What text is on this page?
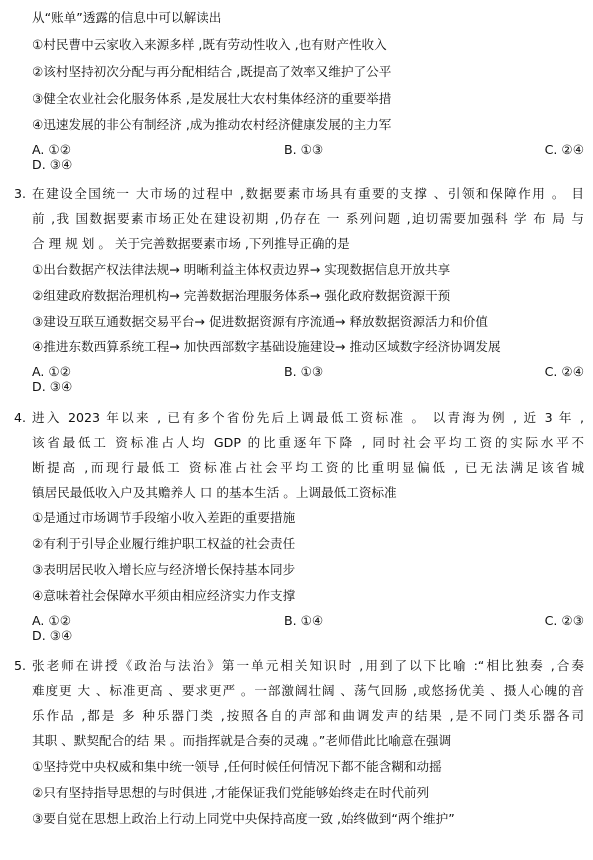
从“账单”透露的信息中可以解读出
①村民曹中云家收入来源多样 ,既有劳动性收入 ,也有财产性收入
②该村坚持初次分配与再分配相结合 ,既提高了效率又维护了公平
③健全农业社会化服务体系 ,是发展壮大农村集体经济的重要举措
④迅速发展的非公有制经济 ,成为推动农村经济健康发展的主力军
A. ①②	B. ①③	C. ②④
D. ③④
3. 在建设全国统一 大市场的过程中 ,数据要素市场具有重要的支撑 、引领和保障作用 。 目
前 ,我 国数据要素市场正处在建设初期 ,仍存在 一 系列问题 ,迫切需要加强科 学 布 局 与
合 理 规 划 。 关于完善数据要素市场 ,下列推导正确的是
①出台数据产权法律法规→ 明晰利益主体权责边界→ 实现数据信息开放共享
②组建政府数据治理机构→ 完善数据治理服务体系→ 强化政府数据资源干预
③建设互联互通数据交易平台→ 促进数据资源有序流通→ 释放数据资源活力和价值
④推进东数西算系统工程→ 加快西部数字基础设施建设→ 推动区域数字经济协调发展
A. ①②	B. ①③	C. ②④
D. ③④
4. 进入 2023 年以来 , 已有多个省份先后上调最低工资标准 。 以青海为例 , 近 3 年 ,
该省最低工 资标准占人均 GDP 的比重逐年下降 , 同时社会平均工资的实际水平不
断提高 ,而现行最低工 资标准占社会平均工资的比重明显偏低 , 已无法满足该省城
镇居民最低收入户及其赡养人 口 的基本生活 。上调最低工资标准
①是通过市场调节手段缩小收入差距的重要措施
②有利于引导企业履行维护职工权益的社会责任
③表明居民收入增长应与经济增长保持基本同步
④意味着社会保障水平须由相应经济实力作支撑
A. ①②	B. ①④	C. ②③
D. ③④
5. 张老师在讲授《政治与法治》第一单元相关知识时 ,用到了以下比喻 :“相比独奏 ,合奏
难度更 大 、标准更高 、要求更严 。一部激阔壮阔 、荡气回肠 ,或悠扬优美 、摄人心魄的音
乐作品 ,都是 多 种乐器门类 ,按照各自的声部和曲调发声的结果 ,是不同门类乐器各司
其职 、默契配合的结 果 。而指挥就是合奏的灵魂 。”老师借此比喻意在强调
①坚持党中央权威和集中统一领导 ,任何时候任何情况下都不能含糊和动摇
②只有坚持指导思想的与时俱进 ,才能保证我们党能够始终走在时代前列
③要自觉在思想上政治上行动上同党中央保持高度一致 ,始终做到“两个维护”
